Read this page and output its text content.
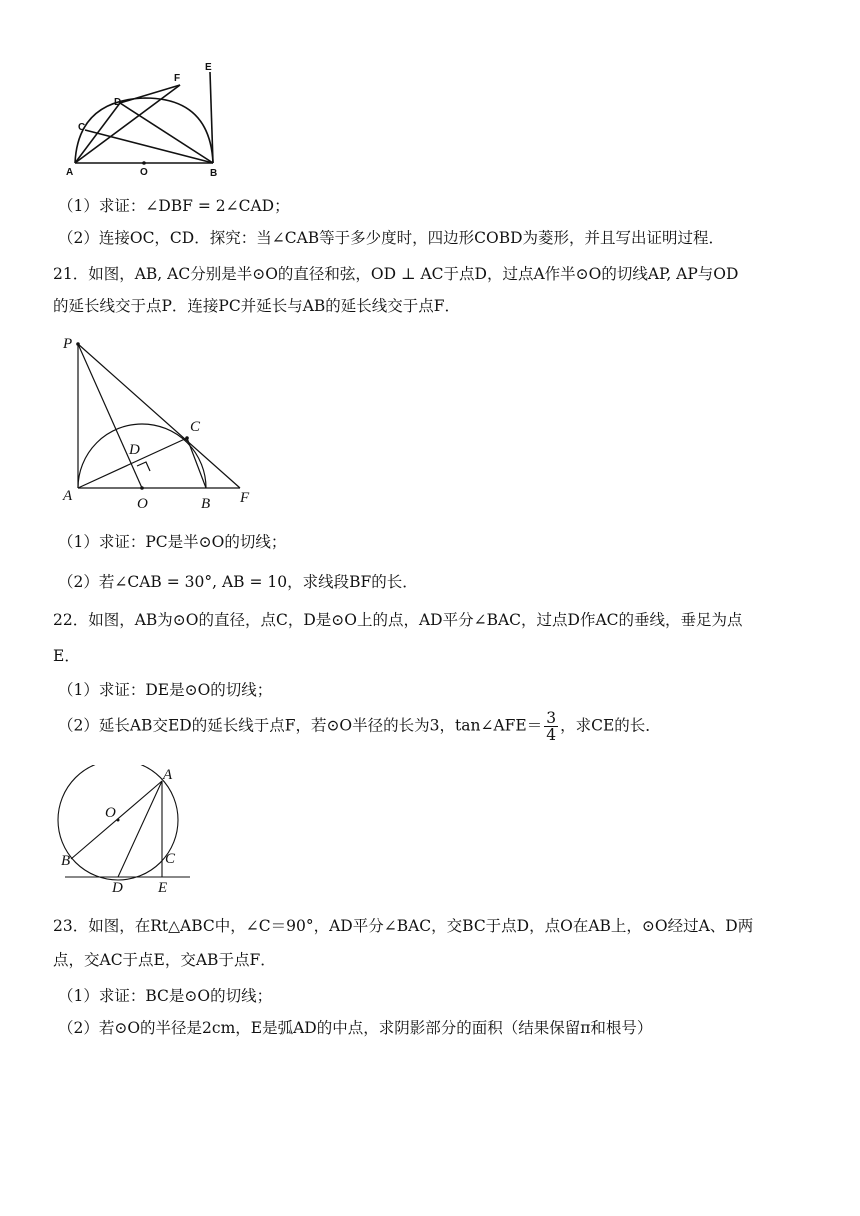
A	O	B
C
D
F
E
（1）求证：∠DBF = 2∠CAD；
（2）连接OC，CD．探究：当∠CAB等于多少度时，四边形COBD为菱形，并且写出证明过程．
21．如图，AB, AC分别是半⊙O的直径和弦，OD ⊥ AC于点D，过点A作半⊙O的切线AP, AP与OD
的延长线交于点P．连接PC并延长与AB的延长线交于点F．
P
C
D
A	O	B F
（1）求证：PC是半⊙O的切线；
（2）若∠CAB = 30°, AB = 10，求线段BF的长．
22．如图，AB为⊙O的直径，点C，D是⊙O上的点，AD平分∠BAC，过点D作AC的垂线，垂足为点
E．
（1）求证：DE是⊙O的切线；
（2）延长AB交ED的延长线于点F，若⊙O半径的长为3，tan∠AFE＝ $\frac{3}{4}$ ，求CE的长．
A
O
B	C
D E
23．如图，在Rt△ABC中，∠C＝90°，AD平分∠BAC，交BC于点D，点O在AB上，⊙O经过A、D两
点，交AC于点E，交AB于点F．
（1）求证：BC是⊙O的切线；
（2）若⊙O的半径是2cm，E是弧AD的中点，求阴影部分的面积（结果保留π和根号）
